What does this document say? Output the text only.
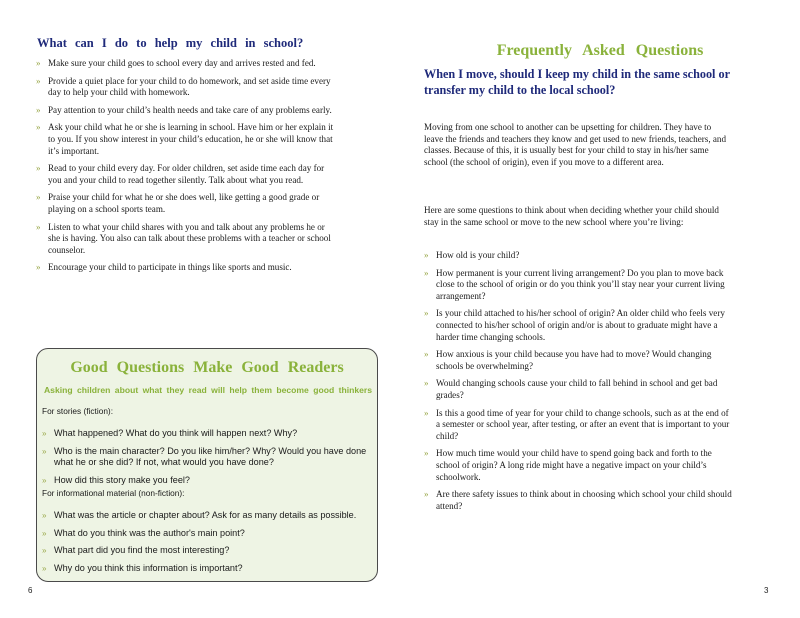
What can I do to help my child in school?
» Make sure your child goes to school every day and arrives rested and fed.
» Provide a quiet place for your child to do homework, and set aside time every day to help your child with homework.
» Pay attention to your child’s health needs and take care of any problems early.
» Ask your child what he or she is learning in school. Have him or her explain it to you. If you show interest in your child’s education, he or she will know that it’s important.
» Read to your child every day. For older children, set aside time each day for you and your child to read together silently. Talk about what you read.
» Praise your child for what he or she does well, like getting a good grade or playing on a school sports team.
» Listen to what your child shares with you and talk about any problems he or she is having. You also can talk about these problems with a teacher or school counselor.
» Encourage your child to participate in things like sports and music.
Good Questions Make Good Readers
Asking children about what they read will help them become good thinkers
For stories (fiction):
» What happened? What do you think will happen next? Why?
» Who is the main character? Do you like him/her? Why? Would you have done what he or she did? If not, what would you have done?
» How did this story make you feel?
For informational material (non-fiction):
» What was the article or chapter about? Ask for as many details as possible.
» What do you think was the author's main point?
» What part did you find the most interesting?
» Why do you think this information is important?
6
Frequently Asked Questions
When I move, should I keep my child in the same school or transfer my child to the local school?
Moving from one school to another can be upsetting for children. They have to leave the friends and teachers they know and get used to new friends, teachers, and classes. Because of this, it is usually best for your child to stay in his/her same school (the school of origin), even if you move to a different area.
Here are some questions to think about when deciding whether your child should stay in the same school or move to the new school where you’re living:
» How old is your child?
» How permanent is your current living arrangement? Do you plan to move back close to the school of origin or do you think you’ll stay near your current living arrangement?
» Is your child attached to his/her school of origin? An older child who feels very connected to his/her school of origin and/or is about to graduate might have a harder time changing schools.
» How anxious is your child because you have had to move? Would changing schools be overwhelming?
» Would changing schools cause your child to fall behind in school and get bad grades?
» Is this a good time of year for your child to change schools, such as at the end of a semester or school year, after testing, or after an event that is important to your child?
» How much time would your child have to spend going back and forth to the school of origin? A long ride might have a negative impact on your child’s schoolwork.
» Are there safety issues to think about in choosing which school your child should attend?
3
